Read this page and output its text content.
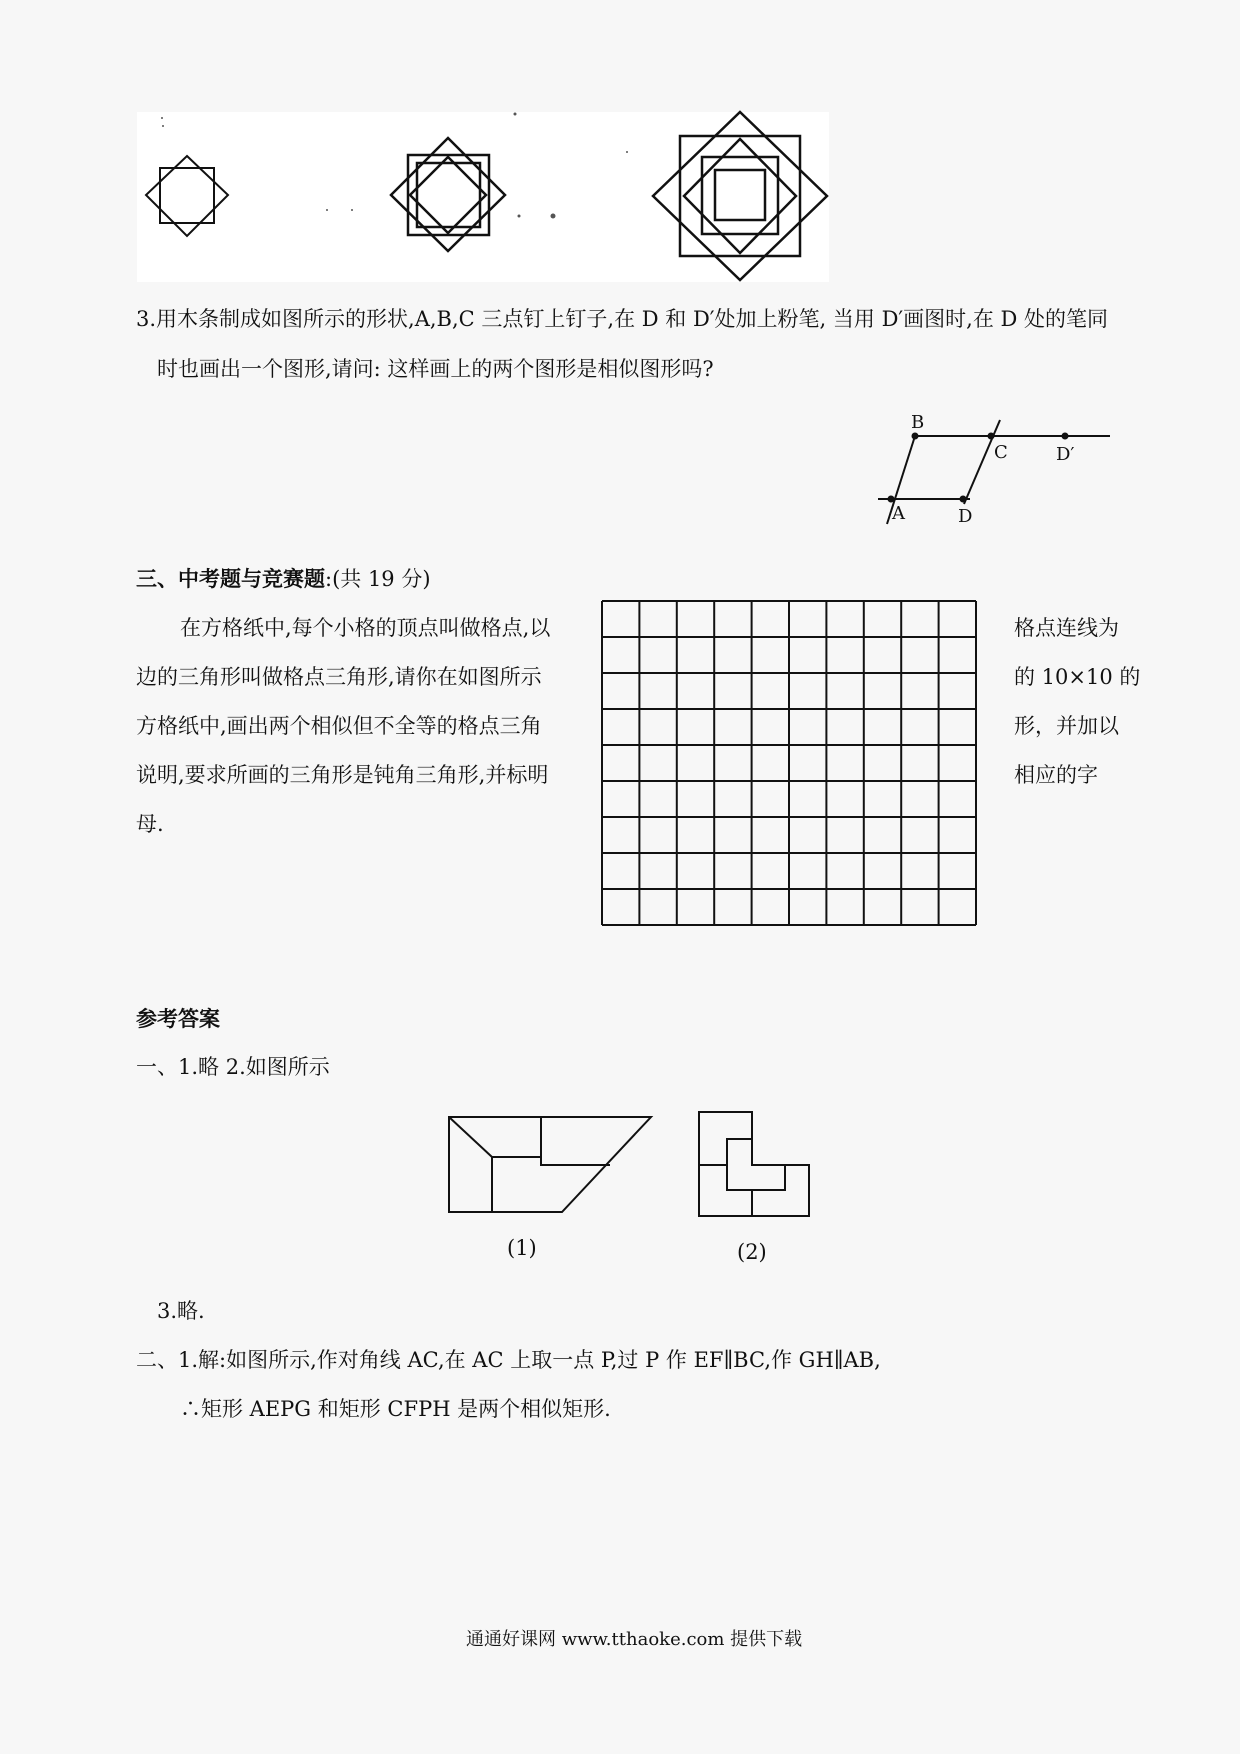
3.用木条制成如图所示的形状,A,B,C 三点钉上钉子,在 D 和 D′处加上粉笔, 当用 D′画图时,在 D 处的笔同
时也画出一个图形,请问: 这样画上的两个图形是相似图形吗?
B
C	D′
A	D
三、中考题与竞赛题:(共 19 分)
在方格纸中,每个小格的顶点叫做格点,以
边的三角形叫做格点三角形,请你在如图所示
方格纸中,画出两个相似但不全等的格点三角
说明,要求所画的三角形是钝角三角形,并标明
母.
格点连线为
的 10×10 的
形，并加以
相应的字
参考答案
一、1.略 2.如图所示
(1)	(2)
3.略.
二、1.解:如图所示,作对角线 AC,在 AC 上取一点 P,过 P 作 EF∥BC,作 GH∥AB,
∴矩形 AEPG 和矩形 CFPH 是两个相似矩形.
通通好课网 www.tthaoke.com 提供下载
